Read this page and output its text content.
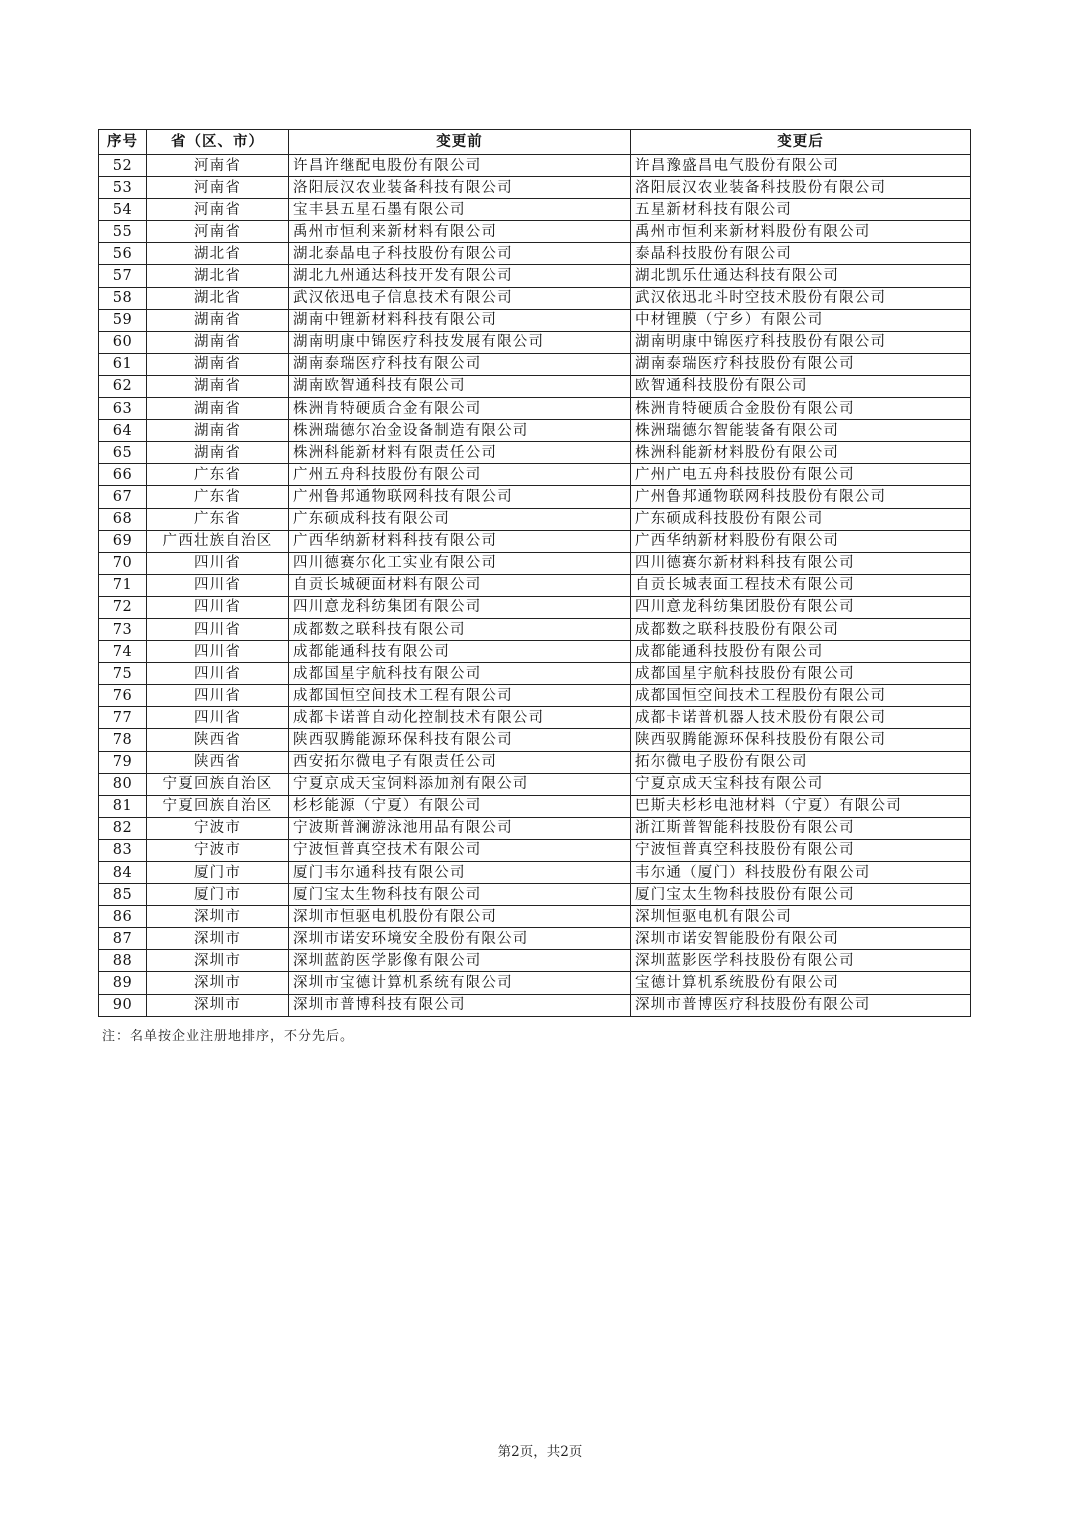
序号	省（区、市）	变更前	变更后
52	河南省	许昌许继配电股份有限公司	许昌豫盛昌电气股份有限公司
53	河南省	洛阳辰汉农业装备科技有限公司	洛阳辰汉农业装备科技股份有限公司
54	河南省	宝丰县五星石墨有限公司	五星新材科技有限公司
55	河南省	禹州市恒利来新材料有限公司	禹州市恒利来新材料股份有限公司
56	湖北省	湖北泰晶电子科技股份有限公司	泰晶科技股份有限公司
57	湖北省	湖北九州通达科技开发有限公司	湖北凯乐仕通达科技有限公司
58	湖北省	武汉依迅电子信息技术有限公司	武汉依迅北斗时空技术股份有限公司
59	湖南省	湖南中锂新材料科技有限公司	中材锂膜（宁乡）有限公司
60	湖南省	湖南明康中锦医疗科技发展有限公司	湖南明康中锦医疗科技股份有限公司
61	湖南省	湖南泰瑞医疗科技有限公司	湖南泰瑞医疗科技股份有限公司
62	湖南省	湖南欧智通科技有限公司	欧智通科技股份有限公司
63	湖南省	株洲肯特硬质合金有限公司	株洲肯特硬质合金股份有限公司
64	湖南省	株洲瑞德尔冶金设备制造有限公司	株洲瑞德尔智能装备有限公司
65	湖南省	株洲科能新材料有限责任公司	株洲科能新材料股份有限公司
66	广东省	广州五舟科技股份有限公司	广州广电五舟科技股份有限公司
67	广东省	广州鲁邦通物联网科技有限公司	广州鲁邦通物联网科技股份有限公司
68	广东省	广东硕成科技有限公司	广东硕成科技股份有限公司
69	广西壮族自治区	广西华纳新材料科技有限公司	广西华纳新材料股份有限公司
70	四川省	四川德赛尔化工实业有限公司	四川德赛尔新材料科技有限公司
71	四川省	自贡长城硬面材料有限公司	自贡长城表面工程技术有限公司
72	四川省	四川意龙科纺集团有限公司	四川意龙科纺集团股份有限公司
73	四川省	成都数之联科技有限公司	成都数之联科技股份有限公司
74	四川省	成都能通科技有限公司	成都能通科技股份有限公司
75	四川省	成都国星宇航科技有限公司	成都国星宇航科技股份有限公司
76	四川省	成都国恒空间技术工程有限公司	成都国恒空间技术工程股份有限公司
77	四川省	成都卡诺普自动化控制技术有限公司	成都卡诺普机器人技术股份有限公司
78	陕西省	陕西驭腾能源环保科技有限公司	陕西驭腾能源环保科技股份有限公司
79	陕西省	西安拓尔微电子有限责任公司	拓尔微电子股份有限公司
80	宁夏回族自治区	宁夏京成天宝饲料添加剂有限公司	宁夏京成天宝科技有限公司
81	宁夏回族自治区	杉杉能源（宁夏）有限公司	巴斯夫杉杉电池材料（宁夏）有限公司
82	宁波市	宁波斯普澜游泳池用品有限公司	浙江斯普智能科技股份有限公司
83	宁波市	宁波恒普真空技术有限公司	宁波恒普真空科技股份有限公司
84	厦门市	厦门韦尔通科技有限公司	韦尔通（厦门）科技股份有限公司
85	厦门市	厦门宝太生物科技有限公司	厦门宝太生物科技股份有限公司
86	深圳市	深圳市恒驱电机股份有限公司	深圳恒驱电机有限公司
87	深圳市	深圳市诺安环境安全股份有限公司	深圳市诺安智能股份有限公司
88	深圳市	深圳蓝韵医学影像有限公司	深圳蓝影医学科技股份有限公司
89	深圳市	深圳市宝德计算机系统有限公司	宝德计算机系统股份有限公司
90	深圳市	深圳市普博科技有限公司	深圳市普博医疗科技股份有限公司
注：名单按企业注册地排序，不分先后。
第2页，共2页
